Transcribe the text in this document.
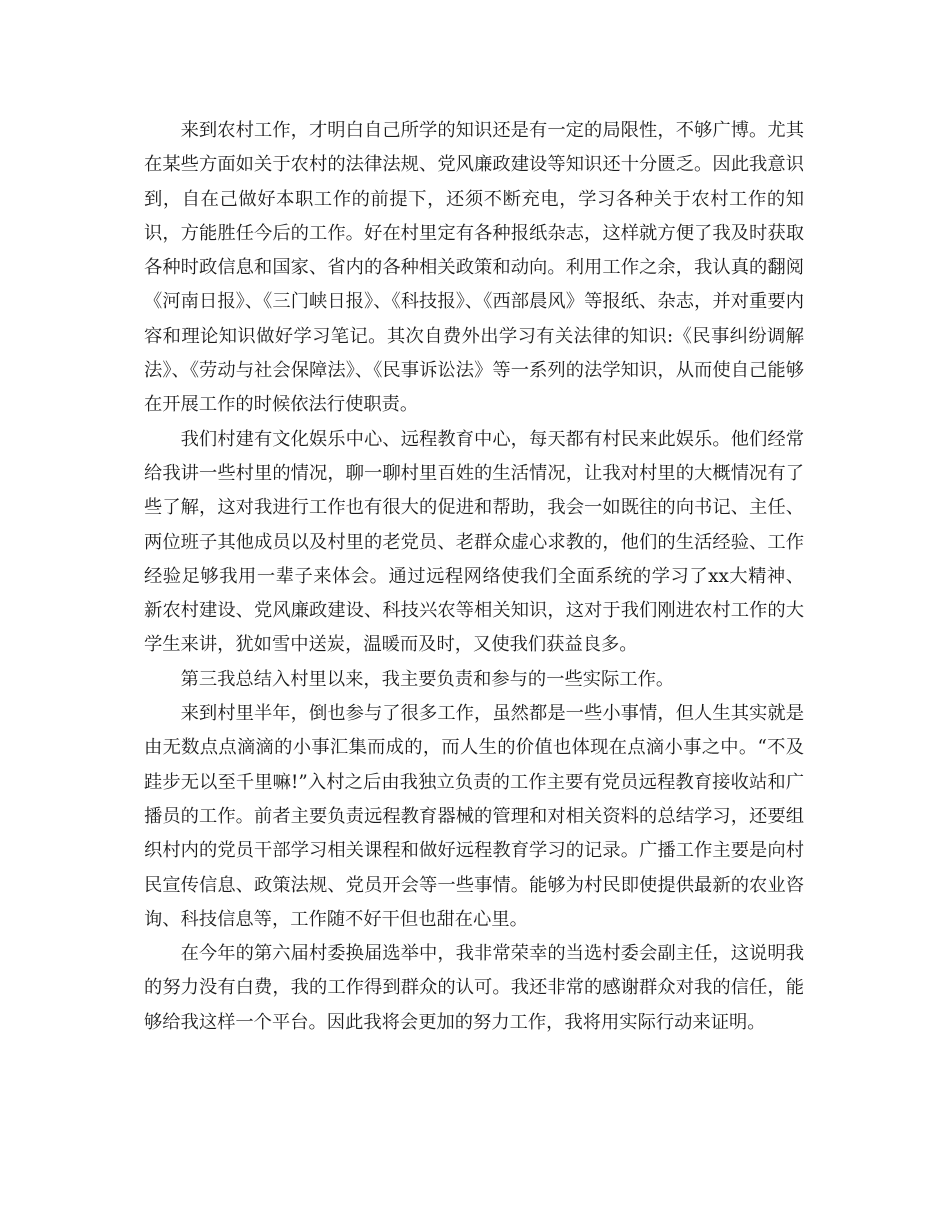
来到农村工作，才明白自己所学的知识还是有一定的局限性，不够广博。尤其在某些方面如关于农村的法律法规、党风廉政建设等知识还十分匮乏。因此我意识到，自在己做好本职工作的前提下，还须不断充电，学习各种关于农村工作的知识，方能胜任今后的工作。好在村里定有各种报纸杂志，这样就方便了我及时获取各种时政信息和国家、省内的各种相关政策和动向。利用工作之余，我认真的翻阅《河南日报》、《三门峡日报》、《科技报》、《西部晨风》等报纸、杂志，并对重要内容和理论知识做好学习笔记。其次自费外出学习有关法律的知识:《民事纠纷调解法》、《劳动与社会保障法》、《民事诉讼法》等一系列的法学知识，从而使自己能够在开展工作的时候依法行使职责。

我们村建有文化娱乐中心、远程教育中心，每天都有村民来此娱乐。他们经常给我讲一些村里的情况，聊一聊村里百姓的生活情况，让我对村里的大概情况有了些了解，这对我进行工作也有很大的促进和帮助，我会一如既往的向书记、主任、两位班子其他成员以及村里的老党员、老群众虚心求教的，他们的生活经验、工作经验足够我用一辈子来体会。通过远程网络使我们全面系统的学习了xx大精神、新农村建设、党风廉政建设、科技兴农等相关知识，这对于我们刚进农村工作的大学生来讲，犹如雪中送炭，温暖而及时，又使我们获益良多。

第三我总结入村里以来，我主要负责和参与的一些实际工作。

来到村里半年，倒也参与了很多工作，虽然都是一些小事情，但人生其实就是由无数点点滴滴的小事汇集而成的，而人生的价值也体现在点滴小事之中。“不及跬步无以至千里嘛!”入村之后由我独立负责的工作主要有党员远程教育接收站和广播员的工作。前者主要负责远程教育器械的管理和对相关资料的总结学习，还要组织村内的党员干部学习相关课程和做好远程教育学习的记录。广播工作主要是向村民宣传信息、政策法规、党员开会等一些事情。能够为村民即使提供最新的农业咨询、科技信息等，工作随不好干但也甜在心里。

在今年的第六届村委换届选举中，我非常荣幸的当选村委会副主任，这说明我的努力没有白费，我的工作得到群众的认可。我还非常的感谢群众对我的信任，能够给我这样一个平台。因此我将会更加的努力工作，我将用实际行动来证明。
